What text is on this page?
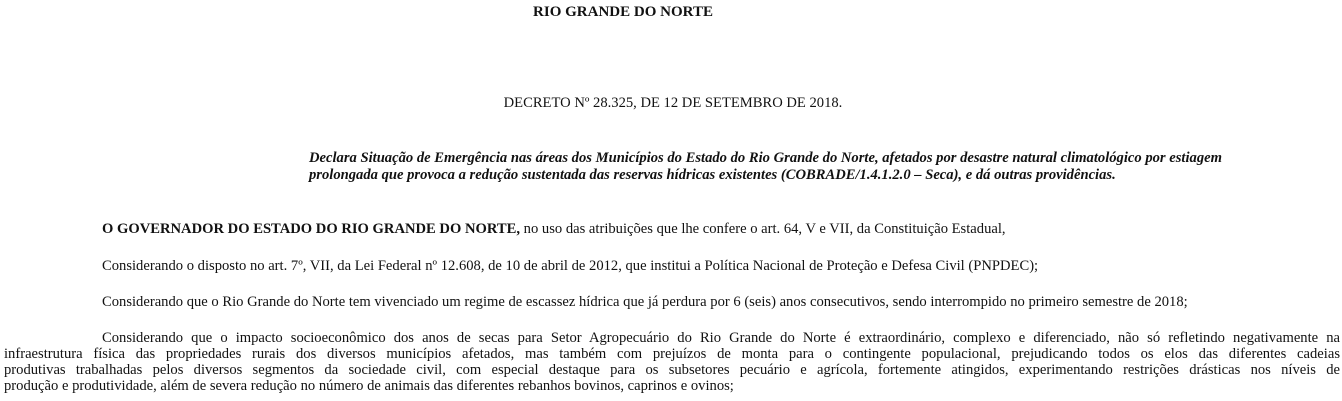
RIO GRANDE DO NORTE
DECRETO Nº 28.325, DE 12 DE SETEMBRO DE 2018.
Declara Situação de Emergência nas áreas dos Municípios do Estado do Rio Grande do Norte, afetados por desastre natural climatológico por estiagem
prolongada que provoca a redução sustentada das reservas hídricas existentes (COBRADE/1.4.1.2.0 – Seca), e dá outras providências.
O GOVERNADOR DO ESTADO DO RIO GRANDE DO NORTE, no uso das atribuições que lhe confere o art. 64, V e VII, da Constituição Estadual,
Considerando o disposto no art. 7º, VII, da Lei Federal nº 12.608, de 10 de abril de 2012, que institui a Política Nacional de Proteção e Defesa Civil (PNPDEC);
Considerando que o Rio Grande do Norte tem vivenciado um regime de escassez hídrica que já perdura por 6 (seis) anos consecutivos, sendo interrompido no primeiro semestre de 2018;
Considerando que o impacto socioeconômico dos anos de secas para Setor Agropecuário do Rio Grande do Norte é extraordinário, complexo e diferenciado, não só refletindo negativamente na
infraestrutura física das propriedades rurais dos diversos municípios afetados, mas também com prejuízos de monta para o contingente populacional, prejudicando todos os elos das diferentes cadeias
produtivas trabalhadas pelos diversos segmentos da sociedade civil, com especial destaque para os subsetores pecuário e agrícola, fortemente atingidos, experimentando restrições drásticas nos níveis de
produção e produtividade, além de severa redução no número de animais das diferentes rebanhos bovinos, caprinos e ovinos;
